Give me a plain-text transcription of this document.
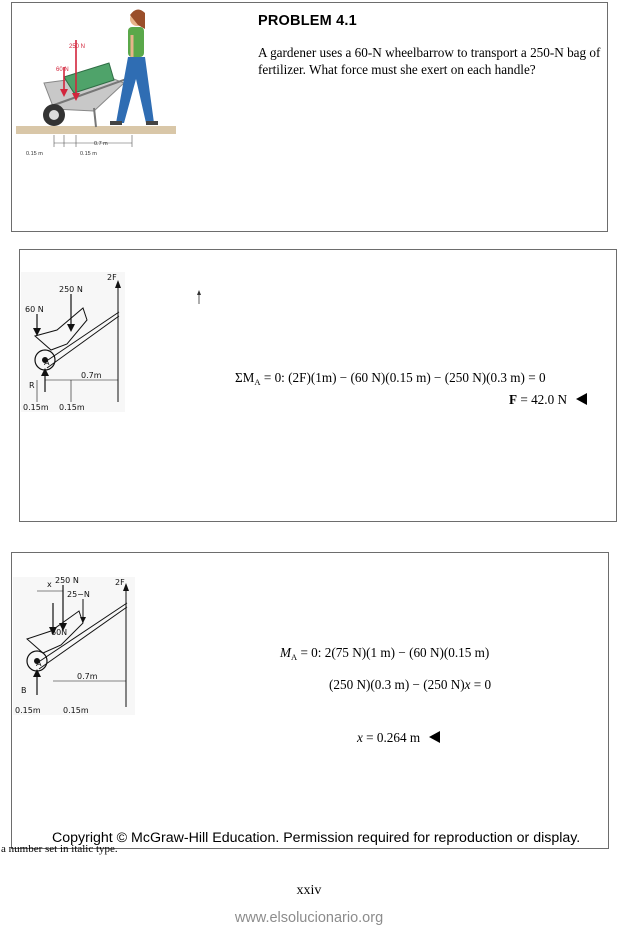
250 N
60 N
0.15 m	0.15 m
0.7 m
PROBLEM 4.1
A gardener uses a 60-N wheelbarrow to transport a 250-N bag of fertilizer. What force must she exert on each handle?
A
2F
250 N
60 N
R
0.7m
0.15m 0.15m
$\Sigma M_A = 0$: (2F)(1m) − (60 N)(0.15 m) − (250 N)(0.3 m) = 0
F = 42.0 N
A
2F
250 N
25−N
60N
x
B
0.7m
0.15m	0.15m
$M_A = 0$: 2(75 N)(1 m) − (60 N)(0.15 m)
(250 N)(0.3 m) − (250 N)x = 0
x = 0.264 m
Copyright © McGraw-Hill Education. Permission required for reproduction or display.
a number set in italic type.
xxiv
www.elsolucionario.org
